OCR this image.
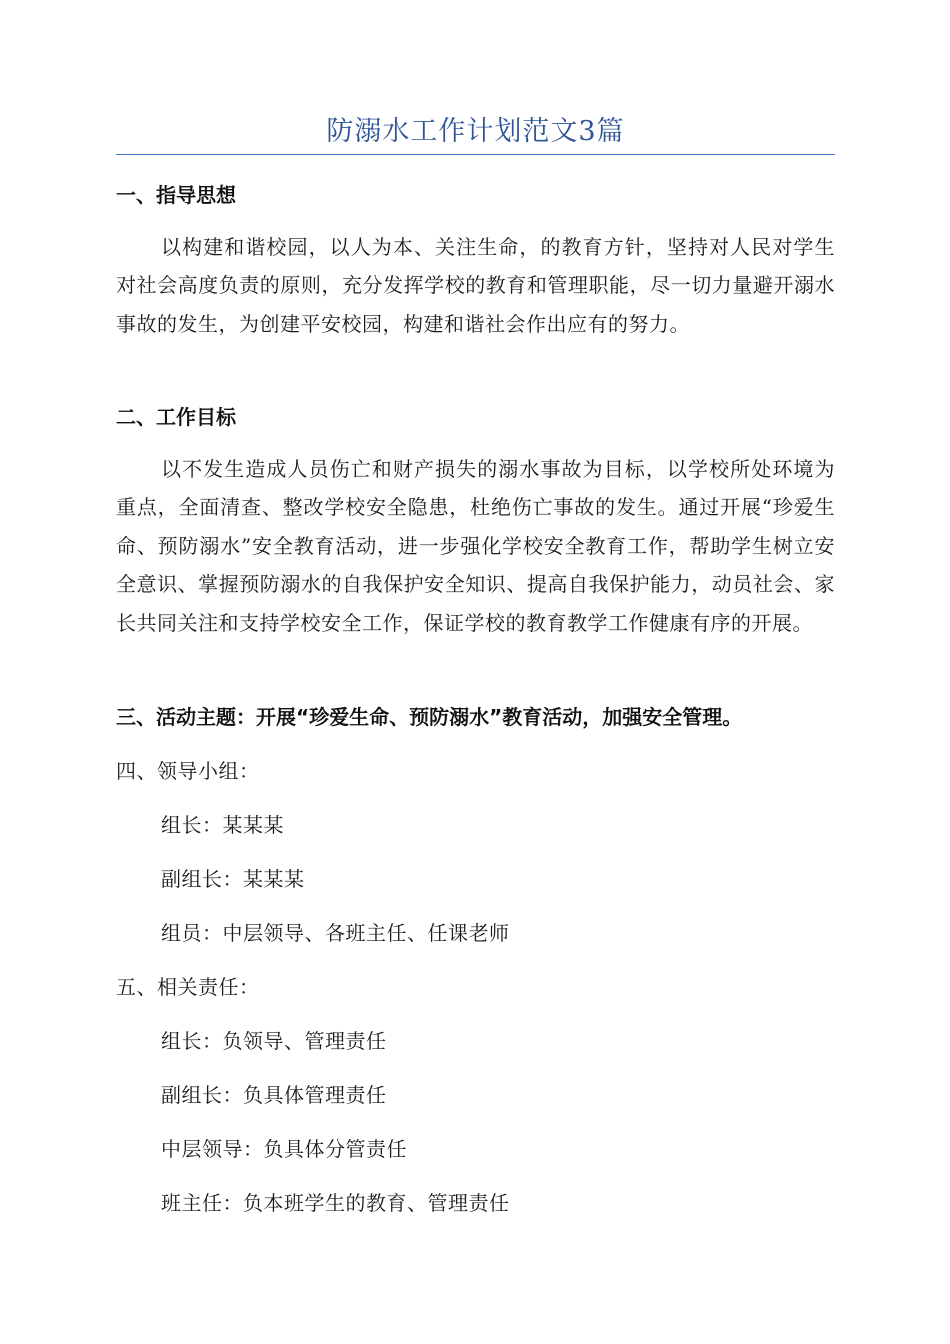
防溺水工作计划范文3篇
一、指导思想
以构建和谐校园，以人为本、关注生命，的教育方针，坚持对人民对学生对社会高度负责的原则，充分发挥学校的教育和管理职能，尽一切力量避开溺水事故的发生，为创建平安校园，构建和谐社会作出应有的努力。
二、工作目标
以不发生造成人员伤亡和财产损失的溺水事故为目标，以学校所处环境为重点，全面清查、整改学校安全隐患，杜绝伤亡事故的发生。通过开展“珍爱生命、预防溺水”安全教育活动，进一步强化学校安全教育工作，帮助学生树立安全意识、掌握预防溺水的自我保护安全知识、提高自我保护能力，动员社会、家长共同关注和支持学校安全工作，保证学校的教育教学工作健康有序的开展。
三、活动主题：开展“珍爱生命、预防溺水”教育活动，加强安全管理。
四、领导小组：
组长：某某某
副组长：某某某
组员：中层领导、各班主任、任课老师
五、相关责任：
组长：负领导、管理责任
副组长：负具体管理责任
中层领导：负具体分管责任
班主任：负本班学生的教育、管理责任
